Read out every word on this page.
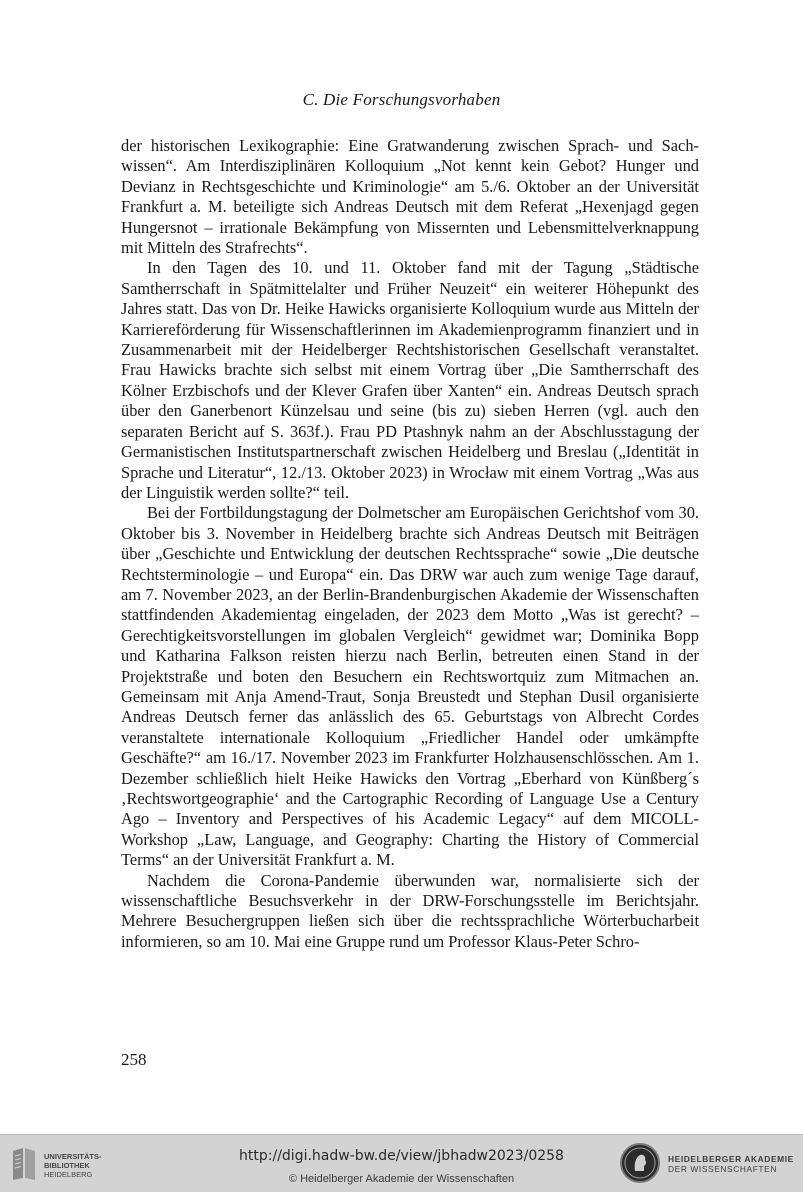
C. Die Forschungsvorhaben

der historischen Lexikographie: Eine Gratwanderung zwischen Sprach- und Sachwissen“. Am Interdisziplinären Kolloquium „Not kennt kein Gebot? Hunger und Devianz in Rechtsgeschichte und Kriminologie“ am 5./6. Oktober an der Universität Frankfurt a. M. beteiligte sich Andreas Deutsch mit dem Referat „Hexenjagd gegen Hungersnot – irrationale Bekämpfung von Missernten und Lebensmittelverknappung mit Mitteln des Strafrechts“.

In den Tagen des 10. und 11. Oktober fand mit der Tagung „Städtische Samtherrschaft in Spätmittelalter und Früher Neuzeit“ ein weiterer Höhepunkt des Jahres statt. Das von Dr. Heike Hawicks organisierte Kolloquium wurde aus Mitteln der Karriereförderung für Wissenschaftlerinnen im Akademienprogramm finanziert und in Zusammenarbeit mit der Heidelberger Rechtshistorischen Gesellschaft veranstaltet. Frau Hawicks brachte sich selbst mit einem Vortrag über „Die Samtherrschaft des Kölner Erzbischofs und der Klever Grafen über Xanten“ ein. Andreas Deutsch sprach über den Ganerbenort Künzelsau und seine (bis zu) sieben Herren (vgl. auch den separaten Bericht auf S. 363f.). Frau PD Ptashnyk nahm an der Abschlusstagung der Germanistischen Institutspartnerschaft zwischen Heidelberg und Breslau („Identität in Sprache und Literatur“, 12./13. Oktober 2023) in Wrocław mit einem Vortrag „Was aus der Linguistik werden sollte?“ teil.

Bei der Fortbildungstagung der Dolmetscher am Europäischen Gerichtshof vom 30. Oktober bis 3. November in Heidelberg brachte sich Andreas Deutsch mit Beiträgen über „Geschichte und Entwicklung der deutschen Rechtssprache“ sowie „Die deutsche Rechtsterminologie – und Europa“ ein. Das DRW war auch zum wenige Tage darauf, am 7. November 2023, an der Berlin-Brandenburgischen Akademie der Wissenschaften stattfindenden Akademientag eingeladen, der 2023 dem Motto „Was ist gerecht? – Gerechtigkeitsvorstellungen im globalen Vergleich“ gewidmet war; Dominika Bopp und Katharina Falkson reisten hierzu nach Berlin, betreuten einen Stand in der Projektstraße und boten den Besuchern ein Rechtswortquiz zum Mitmachen an. Gemeinsam mit Anja Amend-Traut, Sonja Breustedt und Stephan Dusil organisierte Andreas Deutsch ferner das anlässlich des 65. Geburtstags von Albrecht Cordes veranstaltete internationale Kolloquium „Friedlicher Handel oder umkämpfte Geschäfte?“ am 16./17. November 2023 im Frankfurter Holzhausenschlösschen. Am 1. Dezember schließlich hielt Heike Hawicks den Vortrag „Eberhard von Künßberg´s ‚Rechtswortgeographie‘ and the Cartographic Recording of Language Use a Century Ago – Inventory and Perspectives of his Academic Legacy“ auf dem MICOLL-Workshop „Law, Language, and Geography: Charting the History of Commercial Terms“ an der Universität Frankfurt a. M.

Nachdem die Corona-Pandemie überwunden war, normalisierte sich der wissenschaftliche Besuchsverkehr in der DRW-Forschungsstelle im Berichtsjahr. Mehrere Besuchergruppen ließen sich über die rechtssprachliche Wörterbucharbeit informieren, so am 10. Mai eine Gruppe rund um Professor Klaus-Peter Schro-

258
UNIVERSITÄTS-
BIBLIOTHEK
HEIDELBERG
http://digi.hadw-bw.de/view/jbhadw2023/0258
© Heidelberger Akademie der Wissenschaften
HEIDELBERGER AKADEMIE
DER WISSENSCHAFTEN
